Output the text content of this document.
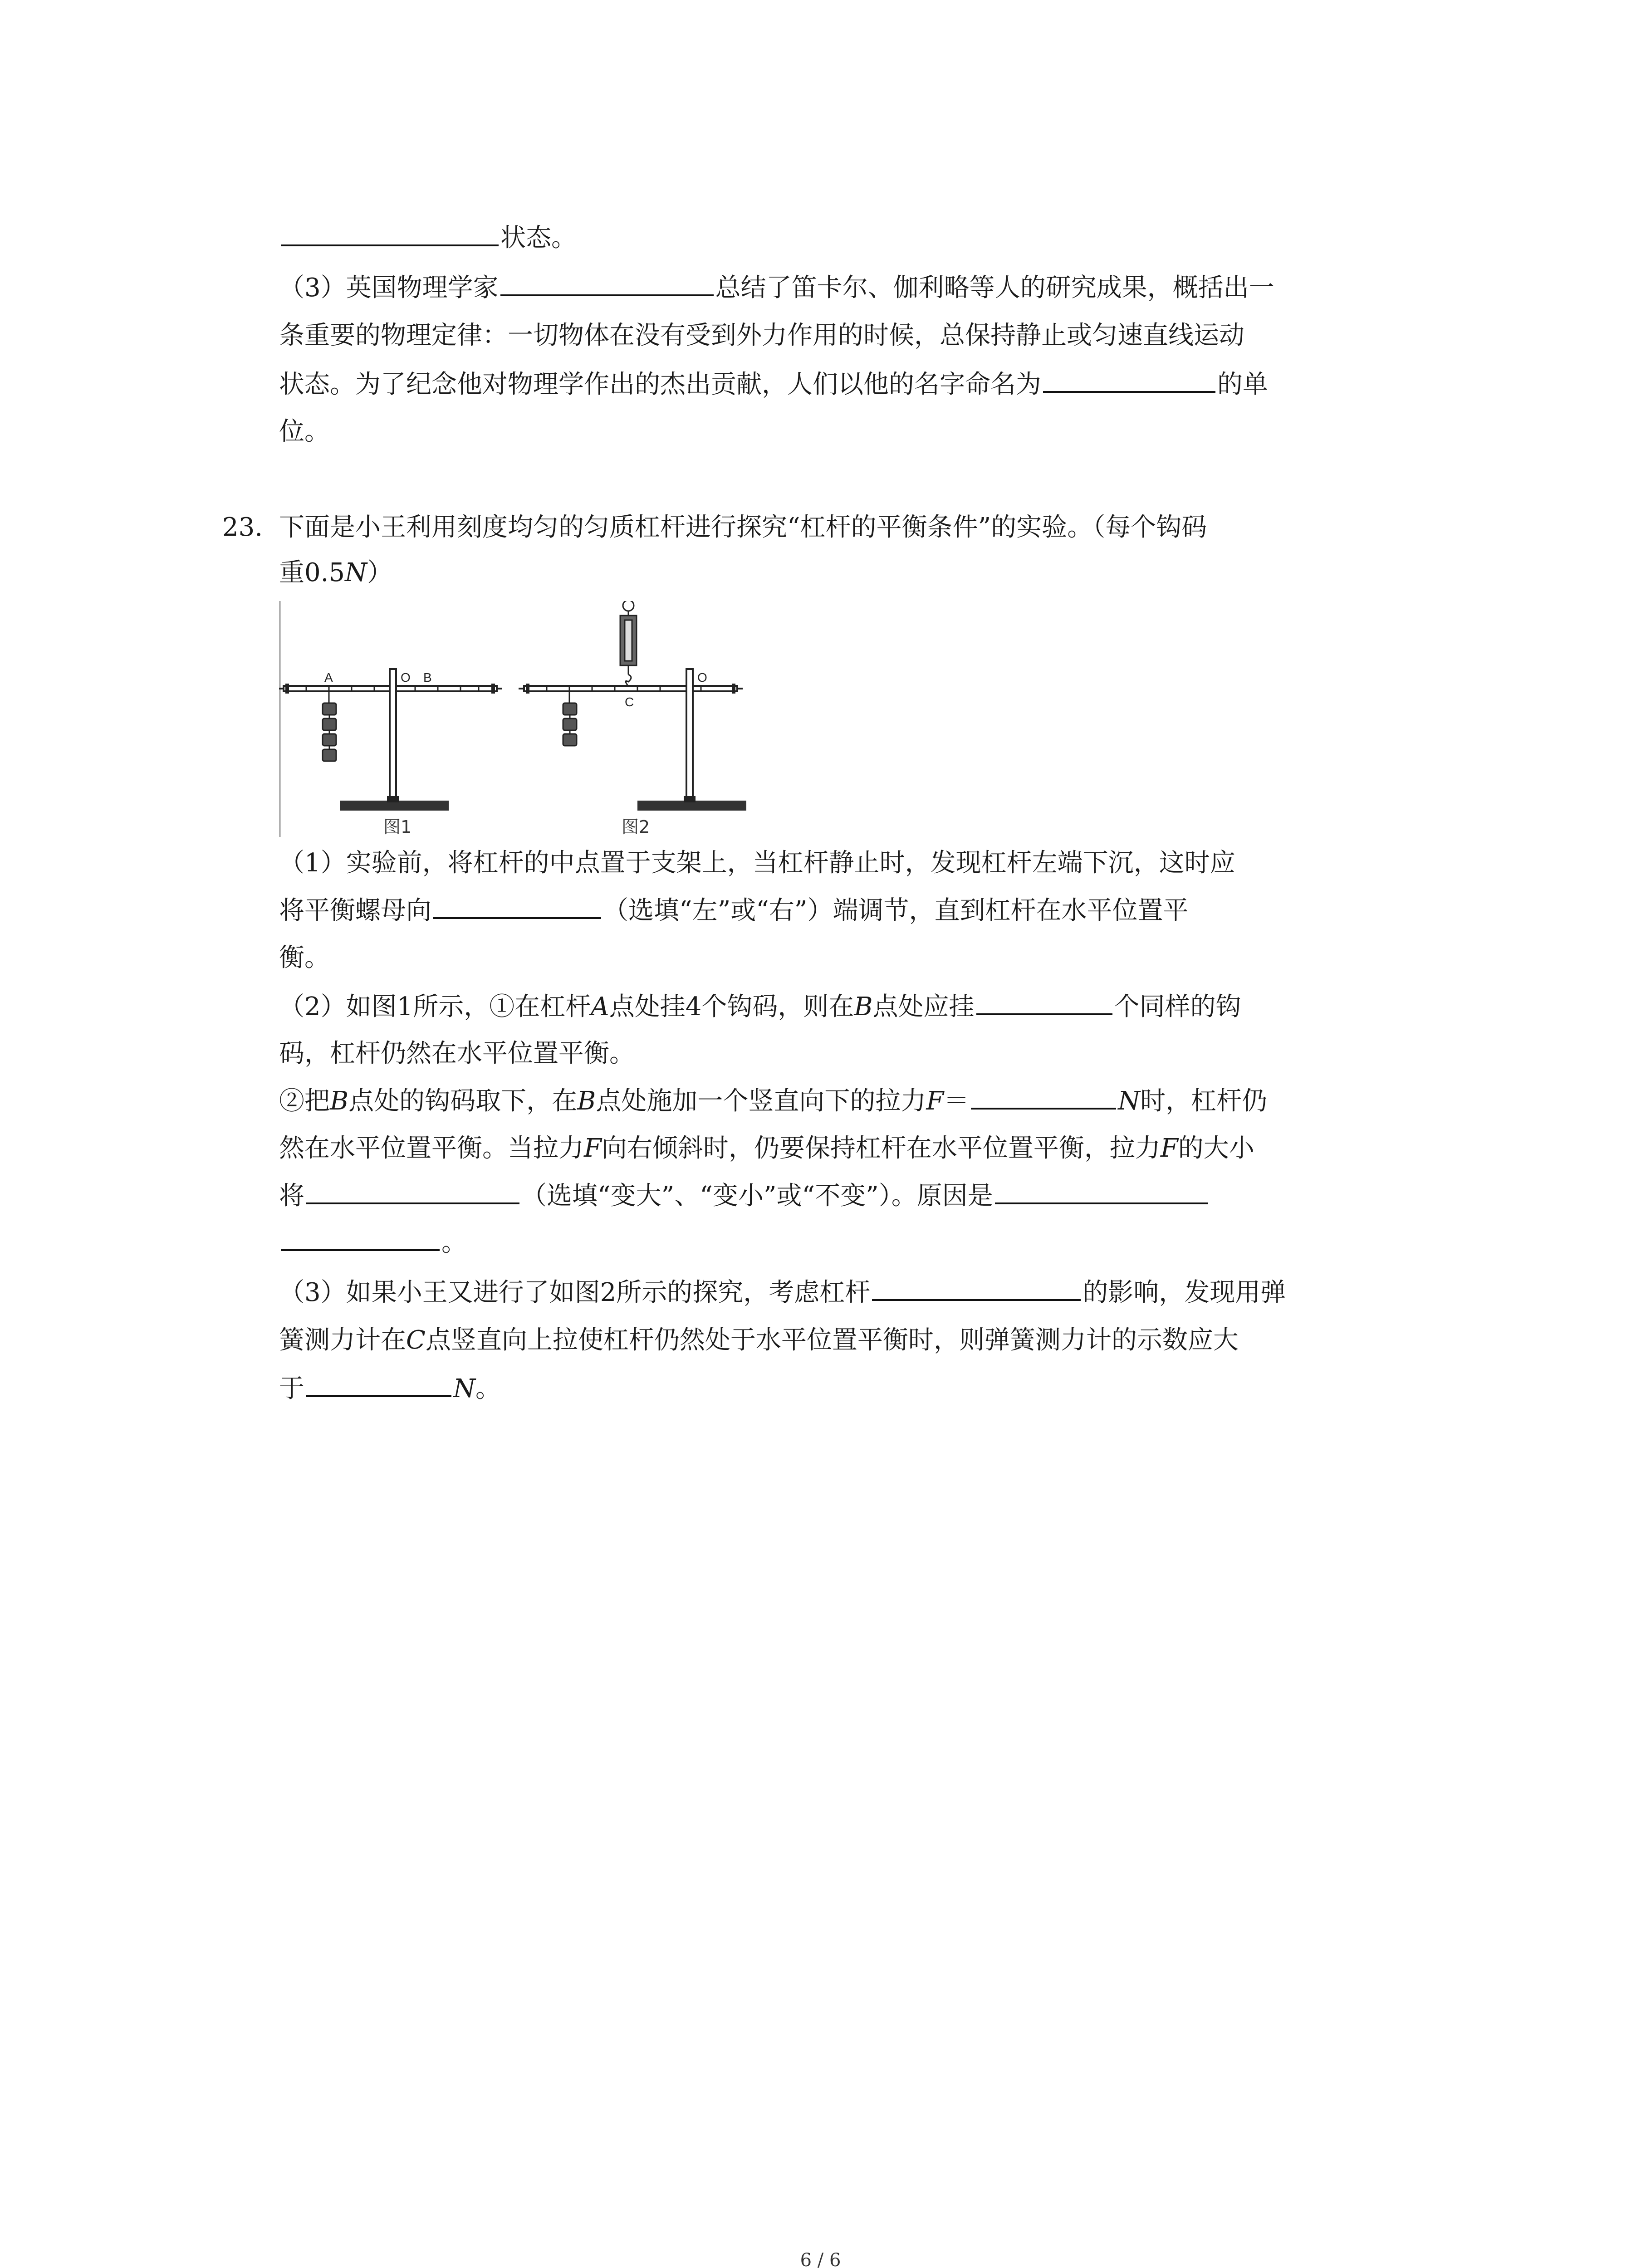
状态。
（3）英国物理学家	总结了笛卡尔、伽利略等人的研究成果，概括出一
条重要的物理定律：一切物体在没有受到外力作用的时候，总保持静止或匀速直线运动
状态。为了纪念他对物理学作出的杰出贡献，人们以他的名字命名为	的单
位。
23. 下面是小王利用刻度均匀的匀质杠杆进行探究“杠杆的平衡条件”的实验。（每个钩码
重0.5N）
A	O B
C
O
图1	图2
（1）实验前，将杠杆的中点置于支架上，当杠杆静止时，发现杠杆左端下沉，这时应
将平衡螺母向	（选填“左”或“右”）端调节，直到杠杆在水平位置平
衡。
（2）如图1所示，①在杠杆A点处挂4个钩码，则在B点处应挂	个同样的钩
码，杠杆仍然在水平位置平衡。
②把B点处的钩码取下，在B点处施加一个竖直向下的拉力F＝	N时，杠杆仍
然在水平位置平衡。当拉力F向右倾斜时，仍要保持杠杆在水平位置平衡，拉力F的大小
将	（选填“变大”、“变小”或“不变”）。原因是
。
（3）如果小王又进行了如图2所示的探究，考虑杠杆	的影响，发现用弹
簧测力计在C点竖直向上拉使杠杆仍然处于水平位置平衡时，则弹簧测力计的示数应大
于	N。
6 / 6
